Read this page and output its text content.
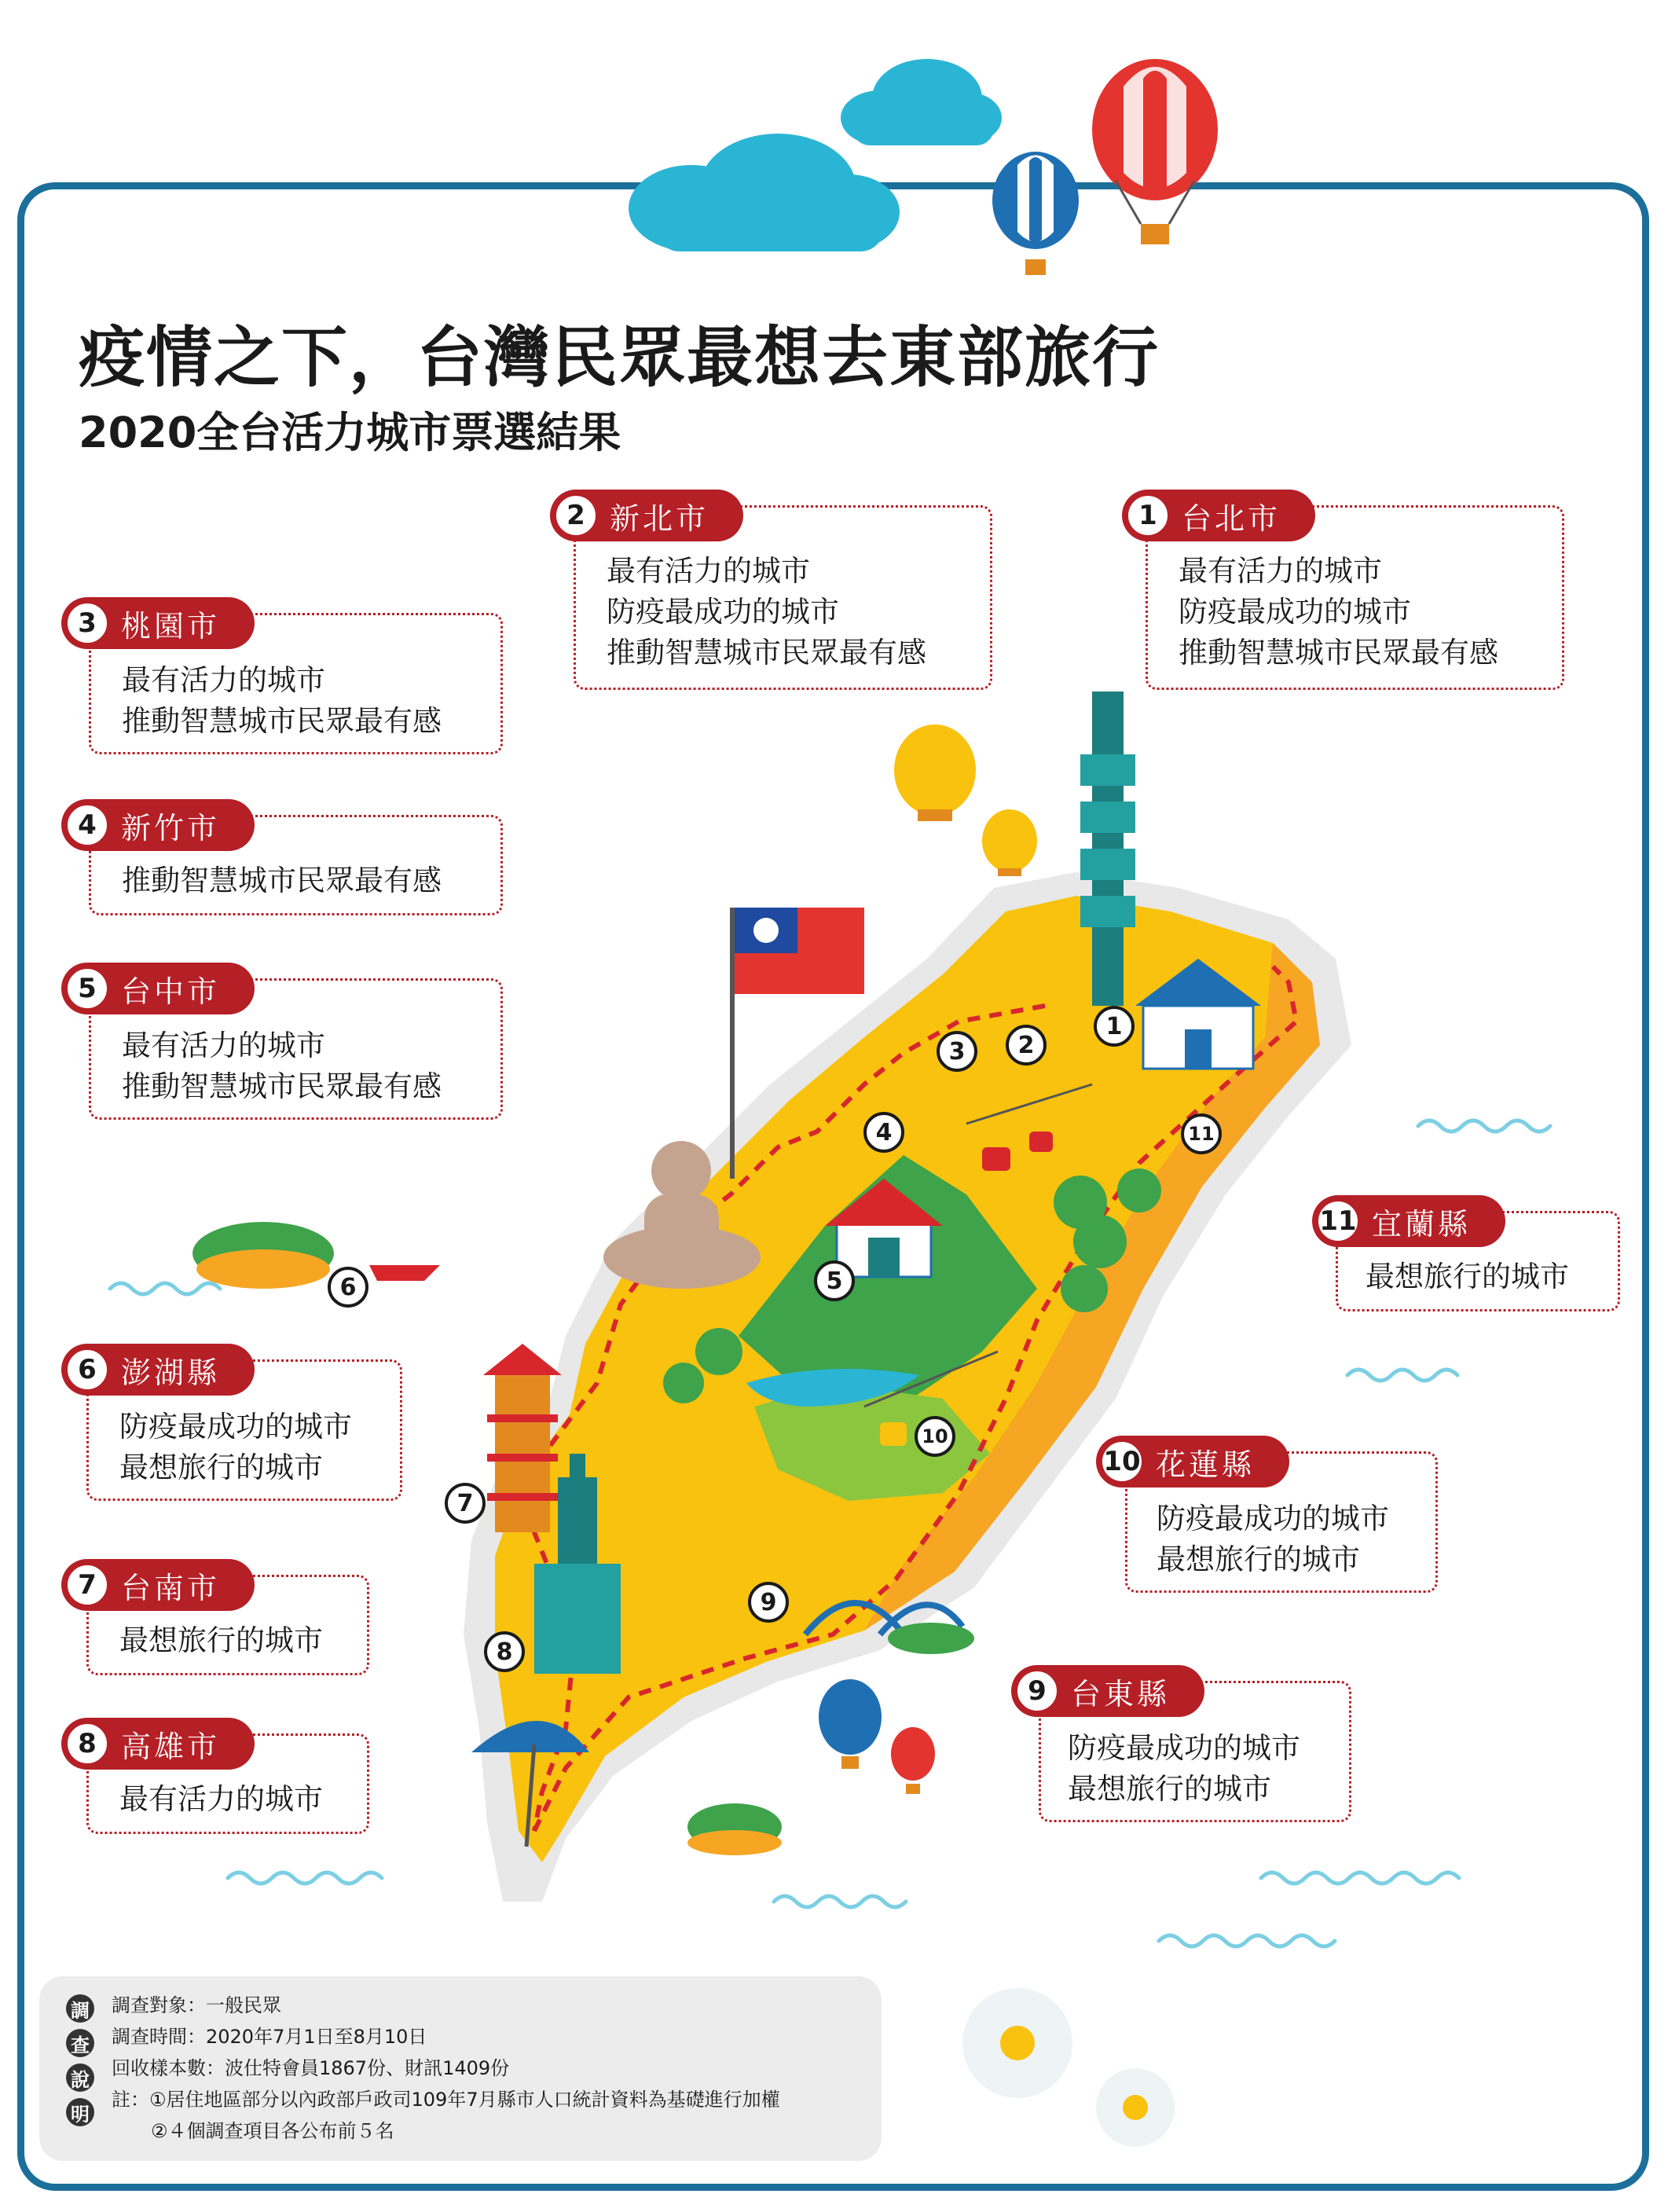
1
2
3
4
5
6
7
8
9
10
11
疫情之下，台灣民眾最想去東部旅行
2020全台活力城市票選結果
1 台北市
最有活力的城市
防疫最成功的城市
推動智慧城市民眾最有感
2 新北市
最有活力的城市
防疫最成功的城市
推動智慧城市民眾最有感
3 桃園市
最有活力的城市
推動智慧城市民眾最有感
4 新竹市
推動智慧城市民眾最有感
5 台中市
最有活力的城市
推動智慧城市民眾最有感
6 澎湖縣
防疫最成功的城市
最想旅行的城市
7 台南市
最想旅行的城市
8 高雄市
最有活力的城市
9 台東縣
防疫最成功的城市
最想旅行的城市
10 花蓮縣
防疫最成功的城市
最想旅行的城市
11 宜蘭縣
最想旅行的城市
調
查
說
明
調查對象：一般民眾
調查時間：2020年7月1日至8月10日
回收樣本數：波仕特會員1867份、財訊1409份
註：①居住地區部分以內政部戶政司109年7月縣市人口統計資料為基礎進行加權
②４個調查項目各公布前５名
